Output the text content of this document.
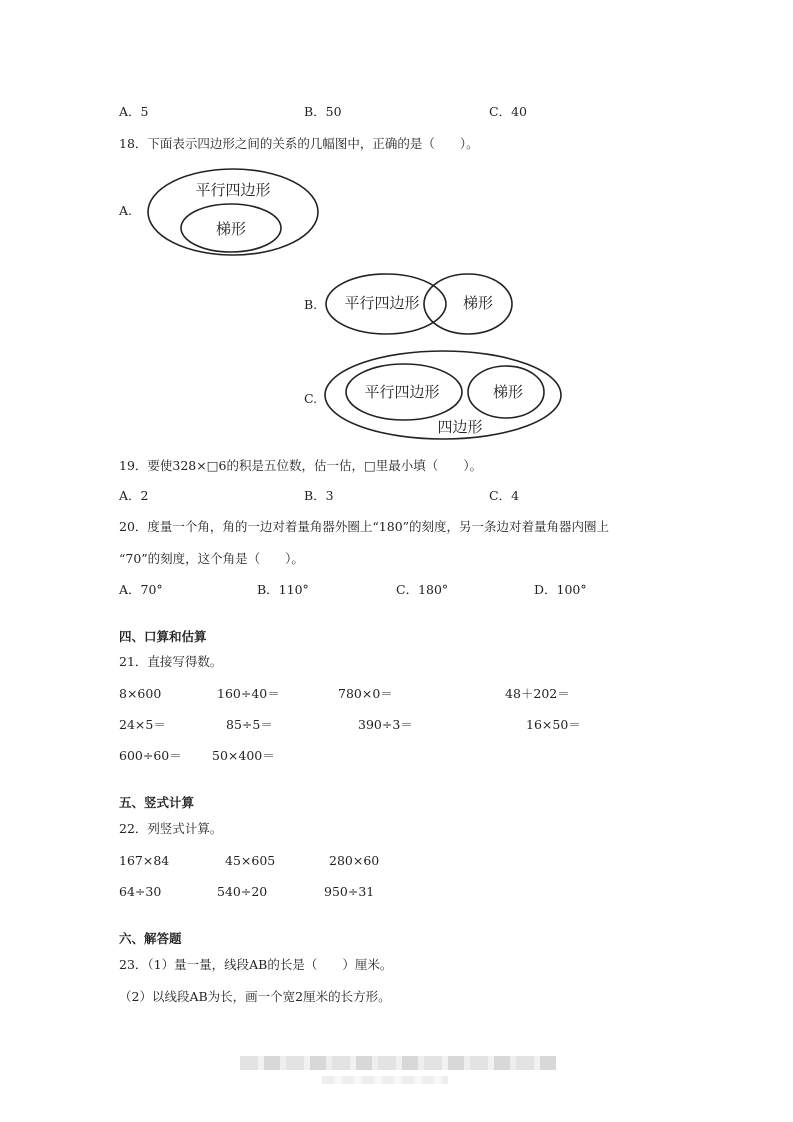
A．5	B．50	C．40
18．下面表示四边形之间的关系的几幅图中，正确的是（　　）。
A.
平行四边形
梯形
B. 平行四边形	梯形
C.	平行四边形	梯形
四边形
19．要使328×□6的积是五位数，估一估，□里最小填（　　）。
A．2	B．3	C．4
20．度量一个角，角的一边对着量角器外圈上“180”的刻度，另一条边对着量角器内圈上
“70”的刻度，这个角是（　　）。
A．70°	B．110°	C．180°	D．100°
四、口算和估算
21．直接写得数。
8×600	160÷40＝	780×0＝	48＋202＝
24×5＝	85÷5＝	390÷3＝	16×50＝
600÷60＝ 50×400＝
五、竖式计算
22．列竖式计算。
167×84	45×605	280×60
64÷30	540÷20	950÷31
六、解答题
23．（1）量一量，线段AB的长是（　　）厘米。
（2）以线段AB为长，画一个宽2厘米的长方形。
